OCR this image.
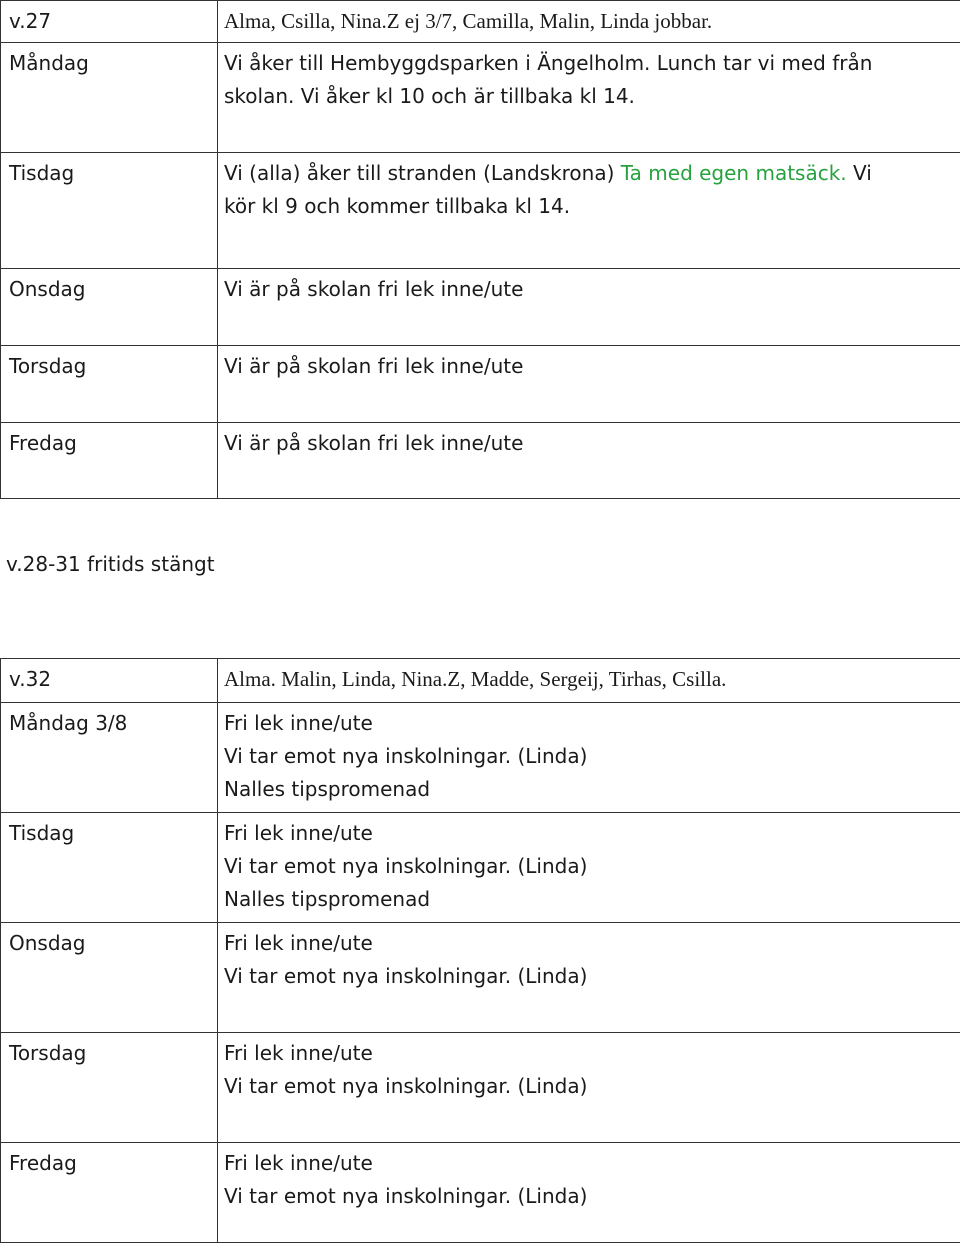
v.27	Alma, Csilla, Nina.Z ej 3/7, Camilla, Malin, Linda jobbar.

Måndag	Vi åker till Hembyggdsparken i Ängelholm. Lunch tar vi med från
skolan. Vi åker kl 10 och är tillbaka kl 14.

Tisdag	Vi (alla) åker till stranden (Landskrona) Ta med egen matsäck. Vi
kör kl 9 och kommer tillbaka kl 14.

Onsdag	Vi är på skolan fri lek inne/ute

Torsdag	Vi är på skolan fri lek inne/ute

Fredag	Vi är på skolan fri lek inne/ute
v.28-31 fritids stängt
v.32	Alma. Malin, Linda, Nina.Z, Madde, Sergeij, Tirhas, Csilla.

Måndag 3/8	Fri lek inne/ute
Vi tar emot nya inskolningar. (Linda)
Nalles tipspromenad

Tisdag	Fri lek inne/ute
Vi tar emot nya inskolningar. (Linda)
Nalles tipspromenad

Onsdag	Fri lek inne/ute
Vi tar emot nya inskolningar. (Linda)

Torsdag	Fri lek inne/ute
Vi tar emot nya inskolningar. (Linda)

Fredag	Fri lek inne/ute
Vi tar emot nya inskolningar. (Linda)
